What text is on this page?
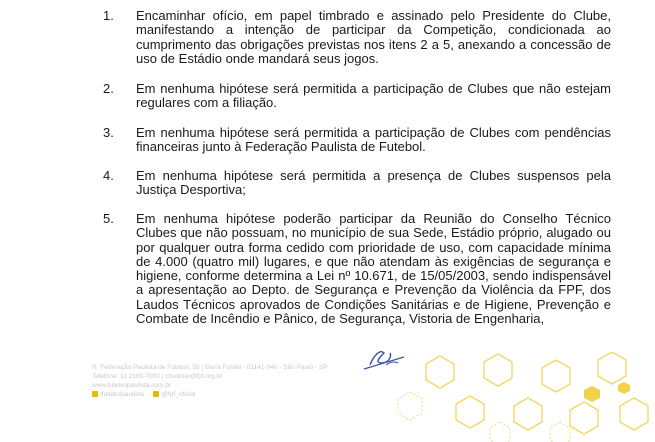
1.	Encaminhar ofício, em papel timbrado e assinado pelo Presidente do Clube, manifestando a intenção de participar da Competição, condicionada ao cumprimento das obrigações previstas nos itens 2 a 5, anexando a concessão de uso de Estádio onde mandará seus jogos.

2.	Em nenhuma hipótese será permitida a participação de Clubes que não estejam regulares com a filiação.

3.	Em nenhuma hipótese será permitida a participação de Clubes com pendências financeiras junto à Federação Paulista de Futebol.

4.	Em nenhuma hipótese será permitida a presença de Clubes suspensos pela Justiça Desportiva;

5.	Em nenhuma hipótese poderão participar da Reunião do Conselho Técnico Clubes que não possuam, no município de sua Sede, Estádio próprio, alugado ou por qualquer outra forma cedido com prioridade de uso, com capacidade mínima de 4.000 (quatro mil) lugares, e que não atendam às exigências de segurança e higiene, conforme determina a Lei nº 10.671, de 15/05/2003, sendo indispensável a apresentação ao Depto. de Segurança e Prevenção da Violência da FPF, dos Laudos Técnicos aprovados de Condições Sanitárias e de Higiene, Prevenção e Combate de Incêndio e Pânico, de Segurança, Vistoria de Engenharia,

R. Federação Paulista de Futebol, 55 | Barra Funda - 01141-040 - São Paulo - SP
Telefone: 11 2189-7000 | cbsdone@fpf.org.br
www.futebolpaulista.com.br
/futebolpaulista	@fpf_oficial
